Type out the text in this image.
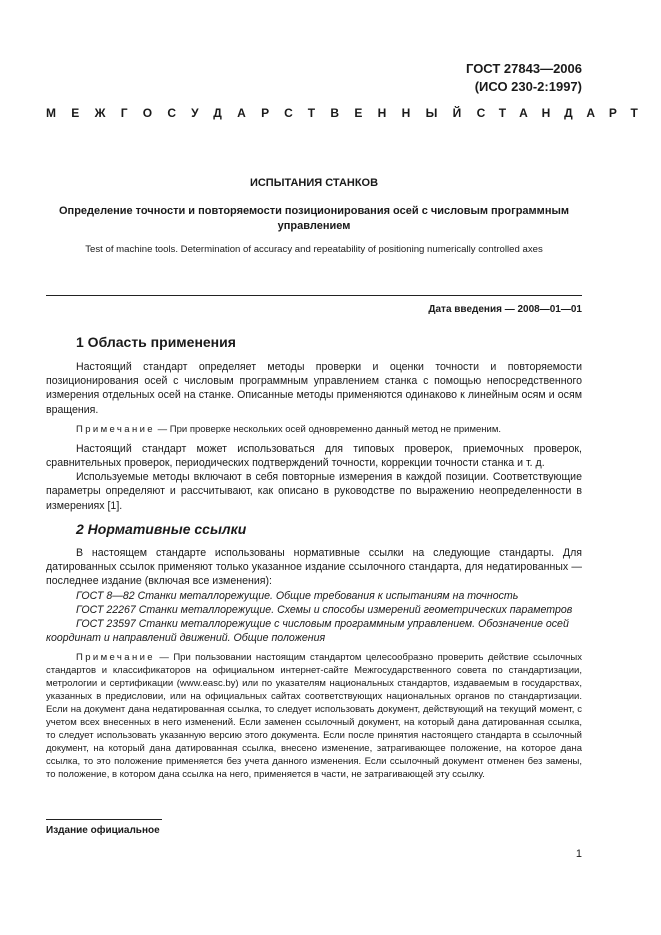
ГОСТ 27843—2006
(ИСО 230-2:1997)
МЕЖГОСУДАРСТВЕННЫЙ СТАНДАРТ
ИСПЫТАНИЯ СТАНКОВ
Определение точности и повторяемости позиционирования осей с числовым программным управлением
Test of machine tools. Determination of accuracy and repeatability of positioning numerically controlled axes
Дата введения — 2008—01—01
1 Область применения

Настоящий стандарт определяет методы проверки и оценки точности и повторяемости позиционирования осей с числовым программным управлением станка с помощью непосредственного измерения отдельных осей на станке. Описанные методы применяются одинаково к линейным осям и осям вращения.

Примечание — При проверке нескольких осей одновременно данный метод не применим.

Настоящий стандарт может использоваться для типовых проверок, приемочных проверок, сравнительных проверок, периодических подтверждений точности, коррекции точности станка и т. д.

Используемые методы включают в себя повторные измерения в каждой позиции. Соответствующие параметры определяют и рассчитывают, как описано в руководстве по выражению неопределенности в измерениях [1].

2 Нормативные ссылки

В настоящем стандарте использованы нормативные ссылки на следующие стандарты. Для датированных ссылок применяют только указанное издание ссылочного стандарта, для недатированных — последнее издание (включая все изменения):

ГОСТ 8—82 Станки металлорежущие. Общие требования к испытаниям на точность

ГОСТ 22267 Станки металлорежущие. Схемы и способы измерений геометрических параметров

ГОСТ 23597 Станки металлорежущие с числовым программным управлением. Обозначение осей координат и направлений движений. Общие положения

Примечание — При пользовании настоящим стандартом целесообразно проверить действие ссылочных стандартов и классификаторов на официальном интернет-сайте Межгосударственного совета по стандартизации, метрологии и сертификации (www.easc.by) или по указателям национальных стандартов, издаваемым в государствах, указанных в предисловии, или на официальных сайтах соответствующих национальных органов по стандартизации. Если на документ дана недатированная ссылка, то следует использовать документ, действующий на текущий момент, с учетом всех внесенных в него изменений. Если заменен ссылочный документ, на который дана датированная ссылка, то следует использовать указанную версию этого документа. Если после принятия настоящего стандарта в ссылочный документ, на который дана датированная ссылка, внесено изменение, затрагивающее положение, на которое дана ссылка, то это положение применяется без учета данного изменения. Если ссылочный документ отменен без замены, то положение, в котором дана ссылка на него, применяется в части, не затрагивающей эту ссылку.

Издание официальное
1
